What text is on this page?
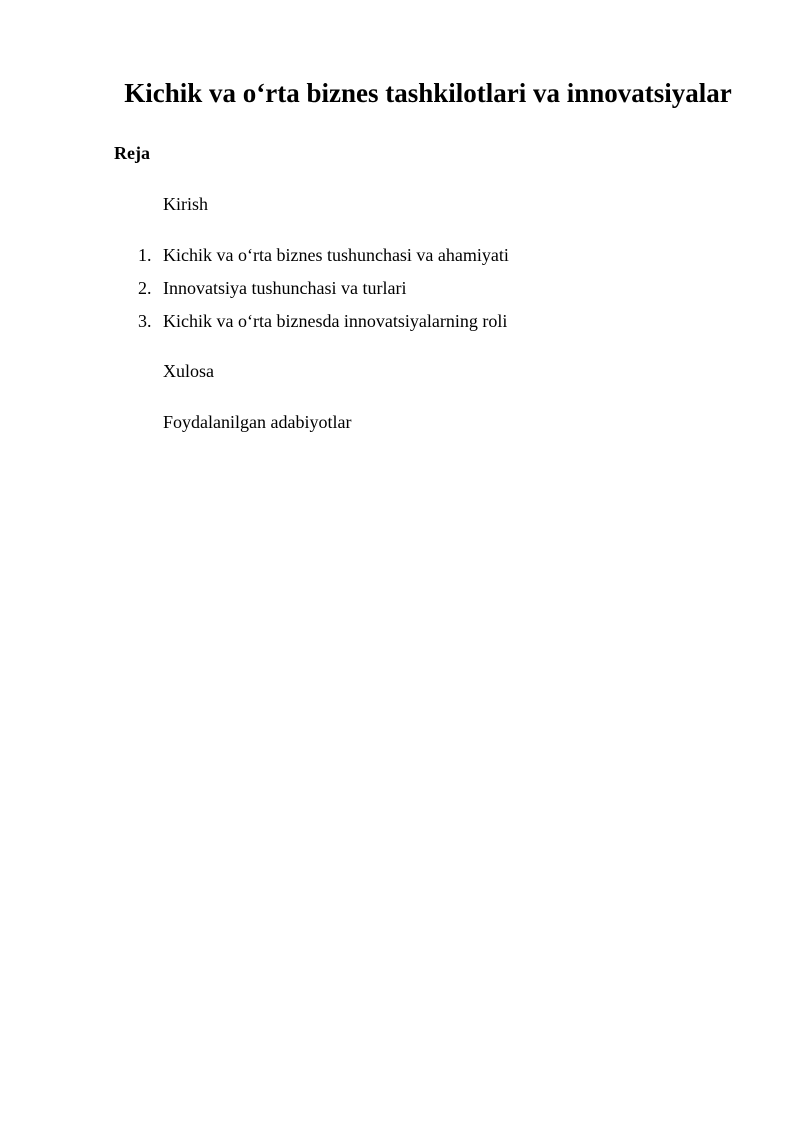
Kichik va o‘rta biznes tashkilotlari va innovatsiyalar
Reja
Kirish
1. Kichik va o‘rta biznes tushunchasi va ahamiyati
2. Innovatsiya tushunchasi va turlari
3. Kichik va o‘rta biznesda innovatsiyalarning roli
Xulosa
Foydalanilgan adabiyotlar
